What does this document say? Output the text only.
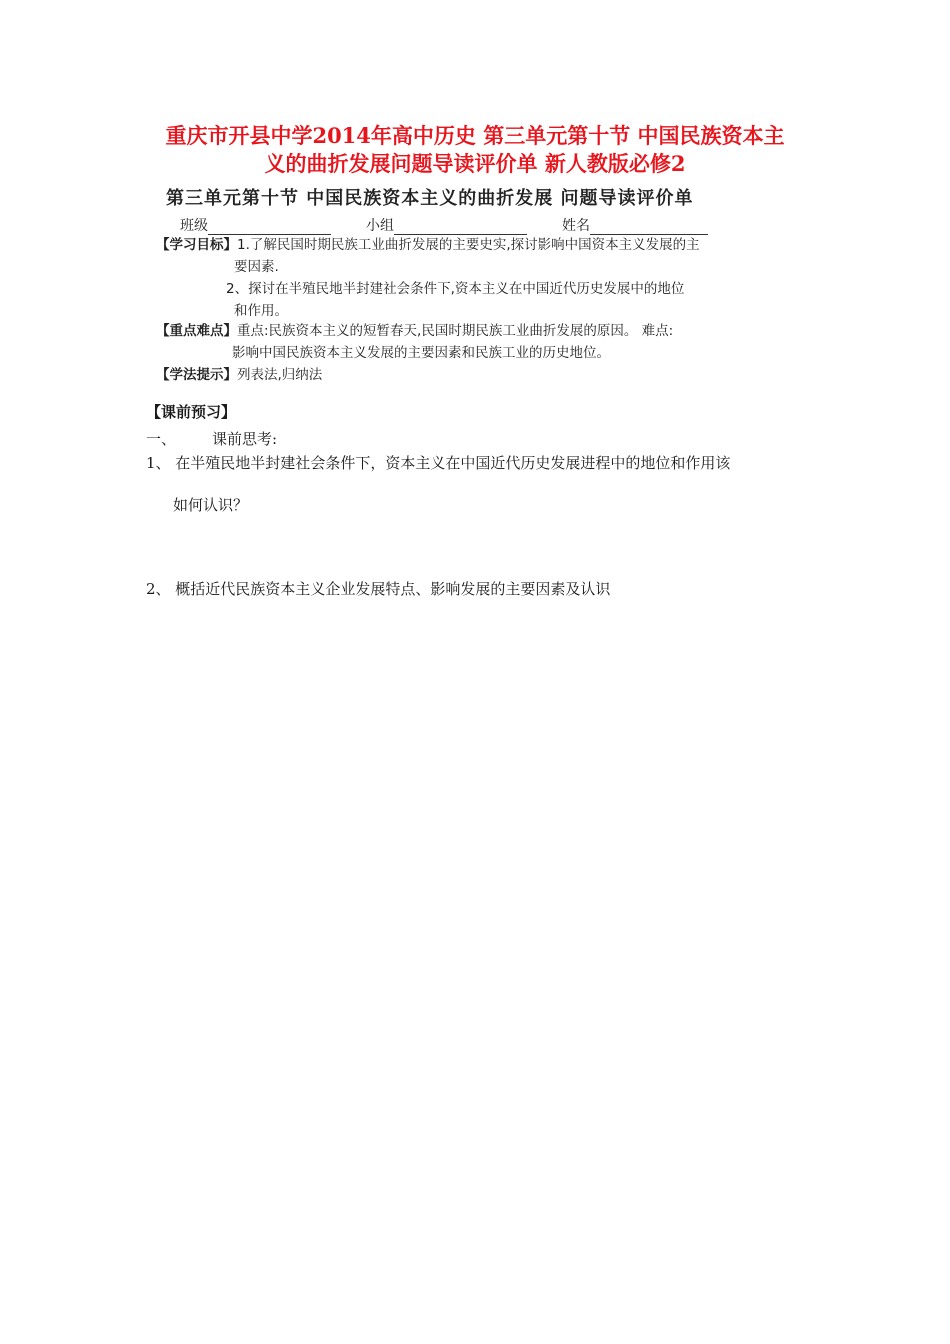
重庆市开县中学2014年高中历史 第三单元第十节 中国民族资本主
义的曲折发展问题导读评价单 新人教版必修2
第三单元第十节 中国民族资本主义的曲折发展 问题导读评价单
班级	小组	姓名
【学习目标】1.了解民国时期民族工业曲折发展的主要史实,探讨影响中国资本主义发展的主
要因素.
2、探讨在半殖民地半封建社会条件下,资本主义在中国近代历史发展中的地位
和作用。
【重点难点】重点:民族资本主义的短暂春天,民国时期民族工业曲折发展的原因。 难点:
影响中国民族资本主义发展的主要因素和民族工业的历史地位。
【学法提示】列表法,归纳法
【课前预习】
一、 课前思考:
1、 在半殖民地半封建社会条件下，资本主义在中国近代历史发展进程中的地位和作用该
如何认识？
2、 概括近代民族资本主义企业发展特点、影响发展的主要因素及认识
